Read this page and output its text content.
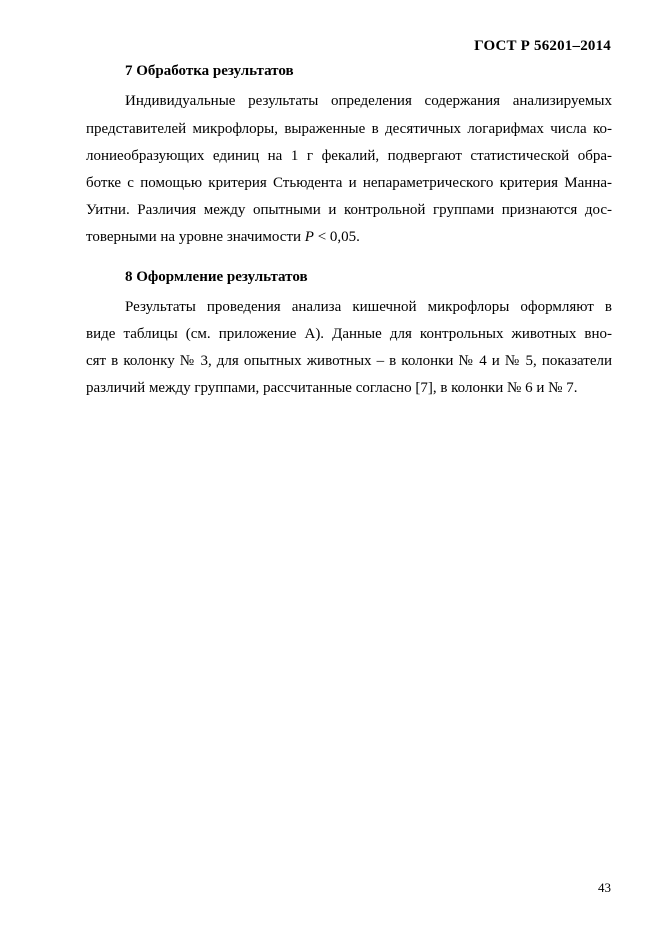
ГОСТ Р 56201–2014
7 Обработка результатов
Индивидуальные результаты определения содержания анализируемых
представителей микрофлоры, выраженные в десятичных логарифмах числа ко-
лониеобразующих единиц на 1 г фекалий, подвергают статистической обра-
ботке с помощью критерия Стьюдента и непараметрического критерия Манна-
Уитни. Различия между опытными и контрольной группами признаются дос-
товерными на уровне значимости P < 0,05.
8 Оформление результатов
Результаты проведения анализа кишечной микрофлоры оформляют в
виде таблицы (см. приложение А). Данные для контрольных животных вно-
сят в колонку № 3, для опытных животных – в колонки № 4 и № 5, показатели
различий между группами, рассчитанные согласно [7], в колонки № 6 и № 7.
43
